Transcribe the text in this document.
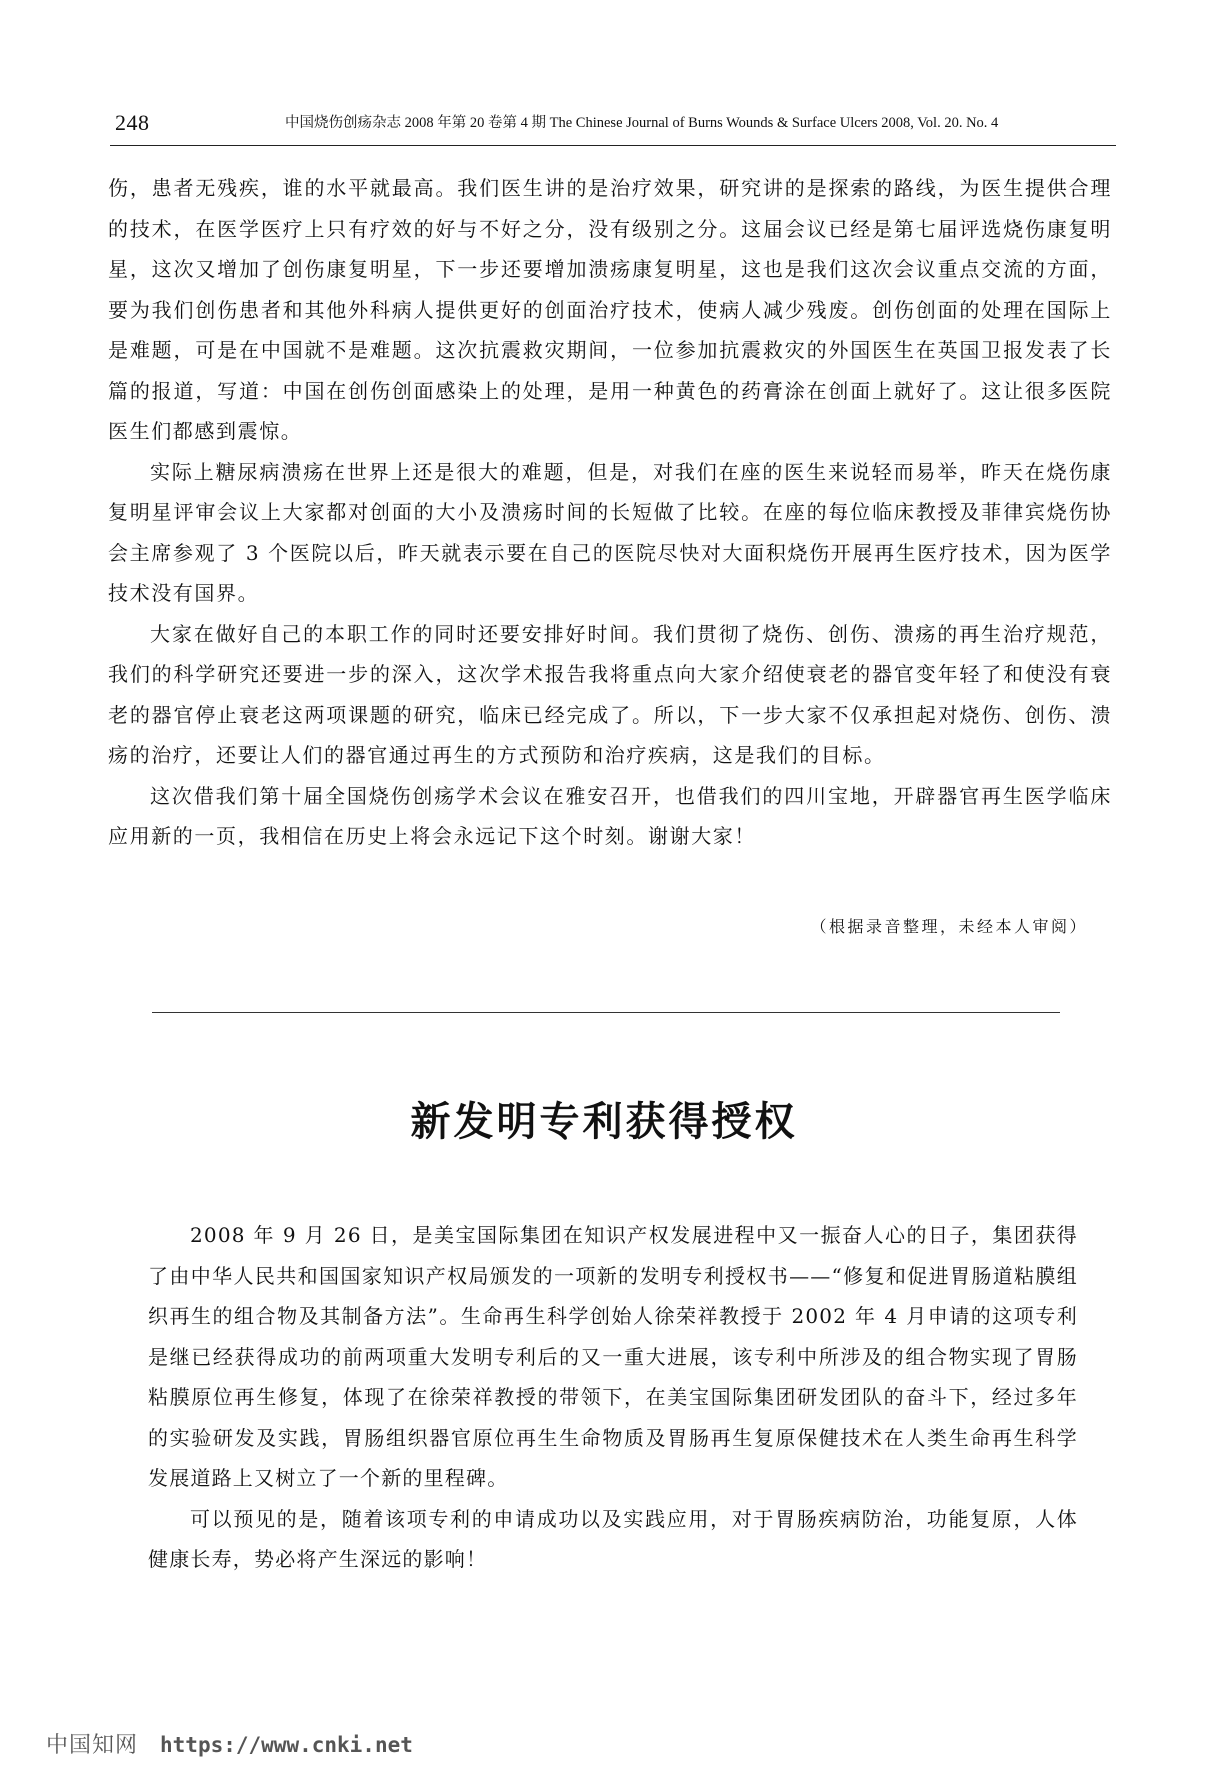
248	中国烧伤创疡杂志 2008 年第 20 卷第 4 期 The Chinese Journal of Burns Wounds & Surface Ulcers 2008, Vol. 20. No. 4

伤，患者无残疾，谁的水平就最高。我们医生讲的是治疗效果，研究讲的是探索的路线，为医生提供合理的技术，在医学医疗上只有疗效的好与不好之分，没有级别之分。这届会议已经是第七届评选烧伤康复明星，这次又增加了创伤康复明星，下一步还要增加溃疡康复明星，这也是我们这次会议重点交流的方面，要为我们创伤患者和其他外科病人提供更好的创面治疗技术，使病人减少残废。创伤创面的处理在国际上是难题，可是在中国就不是难题。这次抗震救灾期间，一位参加抗震救灾的外国医生在英国卫报发表了长篇的报道，写道：中国在创伤创面感染上的处理，是用一种黄色的药膏涂在创面上就好了。这让很多医院医生们都感到震惊。

实际上糖尿病溃疡在世界上还是很大的难题，但是，对我们在座的医生来说轻而易举，昨天在烧伤康复明星评审会议上大家都对创面的大小及溃疡时间的长短做了比较。在座的每位临床教授及菲律宾烧伤协会主席参观了 3 个医院以后，昨天就表示要在自己的医院尽快对大面积烧伤开展再生医疗技术，因为医学技术没有国界。

大家在做好自己的本职工作的同时还要安排好时间。我们贯彻了烧伤、创伤、溃疡的再生治疗规范，我们的科学研究还要进一步的深入，这次学术报告我将重点向大家介绍使衰老的器官变年轻了和使没有衰老的器官停止衰老这两项课题的研究，临床已经完成了。所以，下一步大家不仅承担起对烧伤、创伤、溃疡的治疗，还要让人们的器官通过再生的方式预防和治疗疾病，这是我们的目标。

这次借我们第十届全国烧伤创疡学术会议在雅安召开，也借我们的四川宝地，开辟器官再生医学临床应用新的一页，我相信在历史上将会永远记下这个时刻。谢谢大家！

（根据录音整理，未经本人审阅）
新发明专利获得授权

2008 年 9 月 26 日，是美宝国际集团在知识产权发展进程中又一振奋人心的日子，集团获得了由中华人民共和国国家知识产权局颁发的一项新的发明专利授权书——“修复和促进胃肠道粘膜组织再生的组合物及其制备方法”。生命再生科学创始人徐荣祥教授于 2002 年 4 月申请的这项专利是继已经获得成功的前两项重大发明专利后的又一重大进展，该专利中所涉及的组合物实现了胃肠粘膜原位再生修复，体现了在徐荣祥教授的带领下，在美宝国际集团研发团队的奋斗下，经过多年的实验研发及实践，胃肠组织器官原位再生生命物质及胃肠再生复原保健技术在人类生命再生科学发展道路上又树立了一个新的里程碑。

可以预见的是，随着该项专利的申请成功以及实践应用，对于胃肠疾病防治，功能复原，人体健康长寿，势必将产生深远的影响！

中国知网 https://www.cnki.net
